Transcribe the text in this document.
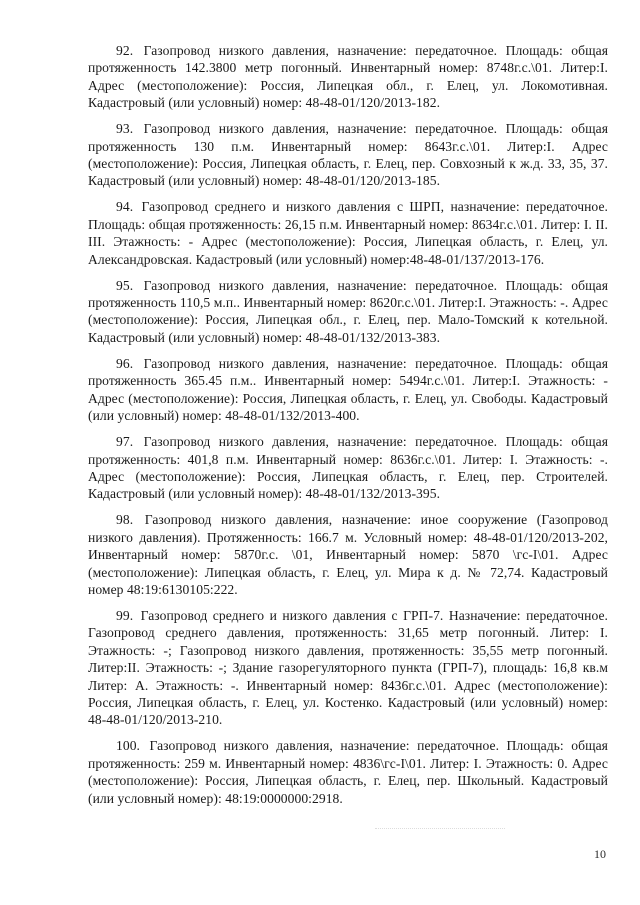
92. Газопровод низкого давления, назначение: передаточное. Площадь: общая протяженность 142.3800 метр погонный. Инвентарный номер: 8748г.с.\01. Литер:I. Адрес (местоположение): Россия, Липецкая обл., г. Елец, ул. Локомотивная. Кадастровый (или условный) номер: 48-48-01/120/2013-182.

93. Газопровод низкого давления, назначение: передаточное. Площадь: общая протяженность 130 п.м. Инвентарный номер: 8643г.с.\01. Литер:I. Адрес (местоположение): Россия, Липецкая область, г. Елец, пер. Совхозный к ж.д. 33, 35, 37. Кадастровый (или условный) номер: 48-48-01/120/2013-185.

94. Газопровод среднего и низкого давления с ШРП, назначение: передаточное. Площадь: общая протяженность: 26,15 п.м. Инвентарный номер: 8634г.с.\01. Литер: I. II. III. Этажность: - Адрес (местоположение): Россия, Липецкая область, г. Елец, ул. Александровская. Кадастровый (или условный) номер:48-48-01/137/2013-176.

95. Газопровод низкого давления, назначение: передаточное. Площадь: общая протяженность 110,5 м.п.. Инвентарный номер: 8620г.с.\01. Литер:I. Этажность: -. Адрес (местоположение): Россия, Липецкая обл., г. Елец, пер. Мало-Томский к котельной. Кадастровый (или условный) номер: 48-48-01/132/2013-383.

96. Газопровод низкого давления, назначение: передаточное. Площадь: общая протяженность 365.45 п.м.. Инвентарный номер: 5494г.с.\01. Литер:I. Этажность: - Адрес (местоположение): Россия, Липецкая область, г. Елец, ул. Свободы. Кадастровый (или условный) номер: 48-48-01/132/2013-400.

97. Газопровод низкого давления, назначение: передаточное. Площадь: общая протяженность: 401,8 п.м. Инвентарный номер: 8636г.с.\01. Литер: I. Этажность: -. Адрес (местоположение): Россия, Липецкая область, г. Елец, пер. Строителей. Кадастровый (или условный номер): 48-48-01/132/2013-395.

98. Газопровод низкого давления, назначение: иное сооружение (Газопровод низкого давления). Протяженность: 166.7 м. Условный номер: 48-48-01/120/2013-202, Инвентарный номер: 5870г.с. \01, Инвентарный номер: 5870 \гс-I\01. Адрес (местоположение): Липецкая область, г. Елец, ул. Мира к д. № 72,74. Кадастровый номер 48:19:6130105:222.

99. Газопровод среднего и низкого давления с ГРП-7. Назначение: передаточное. Газопровод среднего давления, протяженность: 31,65 метр погонный. Литер: I. Этажность: -; Газопровод низкого давления, протяженность: 35,55 метр погонный. Литер:II. Этажность: -; Здание газорегуляторного пункта (ГРП-7), площадь: 16,8 кв.м Литер: А. Этажность: -. Инвентарный номер: 8436г.с.\01. Адрес (местоположение): Россия, Липецкая область, г. Елец, ул. Костенко. Кадастровый (или условный) номер: 48-48-01/120/2013-210.

100. Газопровод низкого давления, назначение: передаточное. Площадь: общая протяженность: 259 м. Инвентарный номер: 4836\гс-I\01. Литер: I. Этажность: 0. Адрес (местоположение): Россия, Липецкая область, г. Елец, пер. Школьный. Кадастровый (или условный номер): 48:19:0000000:2918.

10
